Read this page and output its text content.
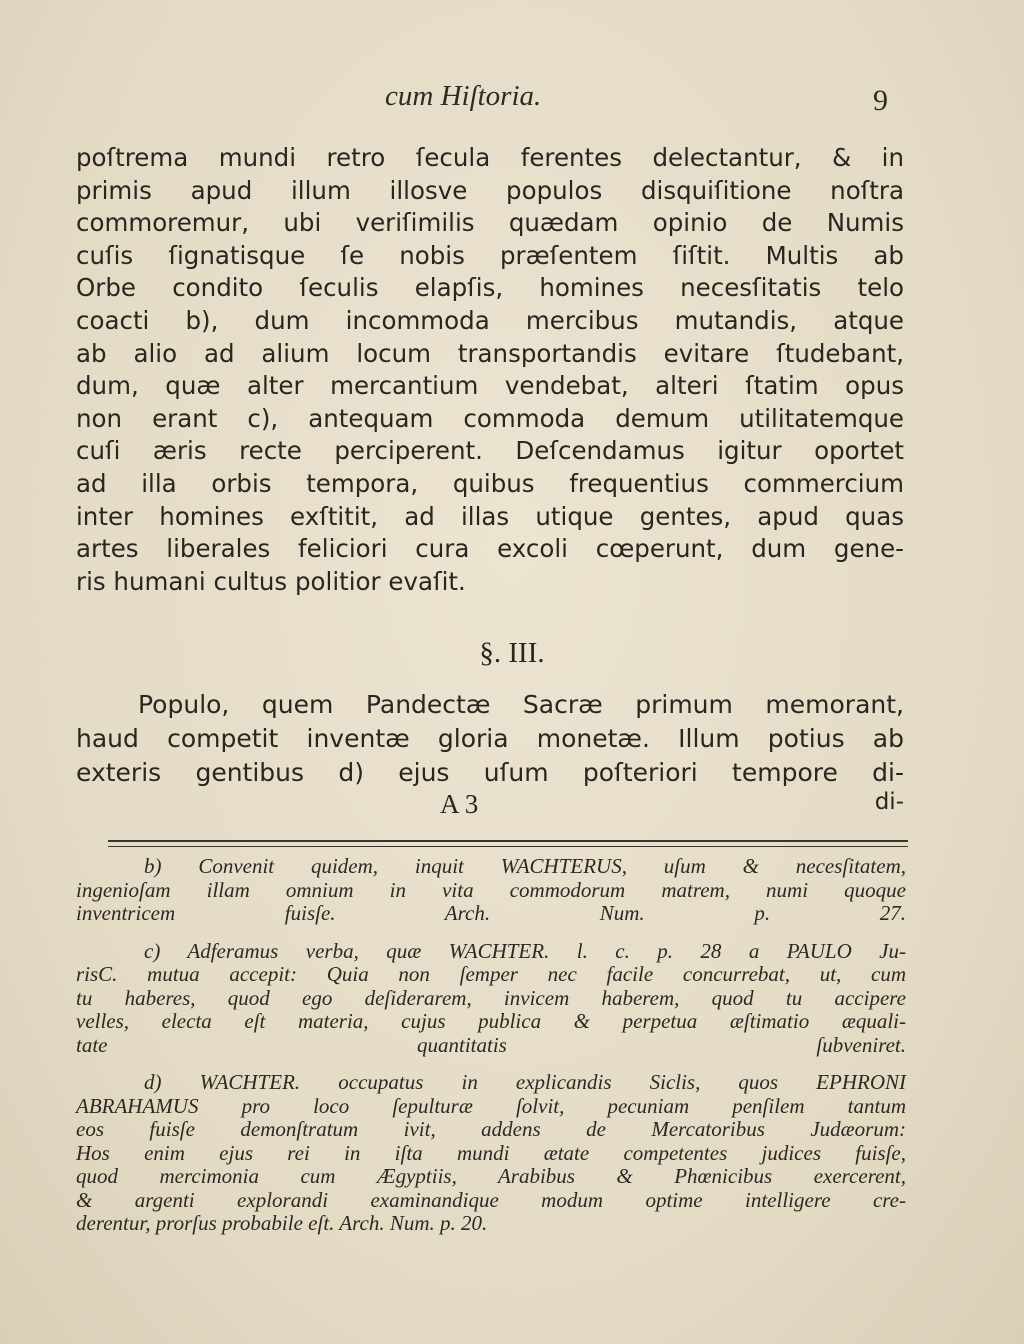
cum Hiſtoria.	9
poſtrema mundi retro ſecula ferentes delectantur, & in
primis apud illum illosve populos disquiſitione noſtra
commoremur, ubi veriſimilis quædam opinio de Numis
cuſis ſignatisque ſe nobis præſentem ſiſtit. Multis ab
Orbe condito ſeculis elapſis, homines necesſitatis telo
coacti b), dum incommoda mercibus mutandis, atque
ab alio ad alium locum transportandis evitare ſtudebant,
dum, quæ alter mercantium vendebat, alteri ſtatim opus
non erant c), antequam commoda demum utilitatemque
cuſi æris recte perciperent. Deſcendamus igitur oportet
ad illa orbis tempora, quibus frequentius commercium
inter homines exſtitit, ad illas utique gentes, apud quas
artes liberales feliciori cura excoli cœperunt, dum gene-
ris humani cultus politior evaſit.
§. III.
Populo, quem Pandectæ Sacræ primum memorant,
haud competit inventæ gloria monetæ. Illum potius ab
exteris gentibus d) ejus uſum poſteriori tempore di-
A 3	di-
b) Convenit quidem, inquit WACHTERUS, uſum & necesſitatem,
ingenioſam illam omnium in vita commodorum matrem, numi quoque
inventricem fuisſe. Arch. Num. p. 27.
c) Adferamus verba, quæ WACHTER. l. c. p. 28 a PAULO Ju-
risC. mutua accepit: Quia non ſemper nec facile concurrebat, ut, cum
tu haberes, quod ego deſiderarem, invicem haberem, quod tu accipere
velles, electa eſt materia, cujus publica & perpetua æſtimatio æquali-
tate quantitatis ſubveniret.
d) WACHTER. occupatus in explicandis Siclis, quos EPHRONI
ABRAHAMUS pro loco ſepulturæ ſolvit, pecuniam penſilem tantum
eos fuisſe demonſtratum ivit, addens de Mercatoribus Judæorum:
Hos enim ejus rei in iſta mundi ætate competentes judices fuisſe,
quod mercimonia cum Ægyptiis, Arabibus & Phœnicibus exercerent,
& argenti explorandi examinandique modum optime intelligere cre-
derentur, prorſus probabile eſt. Arch. Num. p. 20.
